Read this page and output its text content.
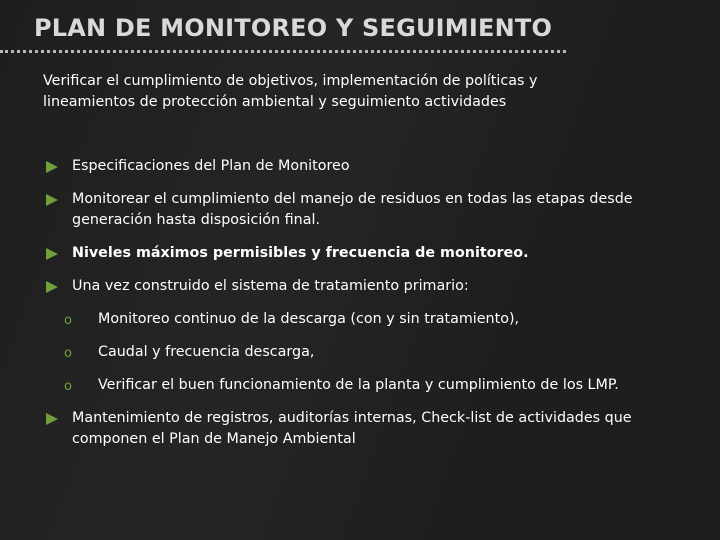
PLAN DE MONITOREO Y SEGUIMIENTO
Verificar el cumplimiento de objetivos, implementación de políticas y lineamientos de protección ambiental y seguimiento actividades
Especificaciones del Plan de Monitoreo
Monitorear el cumplimiento del manejo de residuos en todas las etapas desde generación hasta disposición final.
Niveles máximos permisibles y frecuencia de monitoreo.
Una vez construido el sistema de tratamiento primario:
o Monitoreo continuo de la descarga (con y sin tratamiento),
o Caudal y frecuencia descarga,
o Verificar el buen funcionamiento de la planta y cumplimiento de los LMP.
Mantenimiento de registros, auditorías internas, Check-list de actividades que componen el Plan de Manejo Ambiental
